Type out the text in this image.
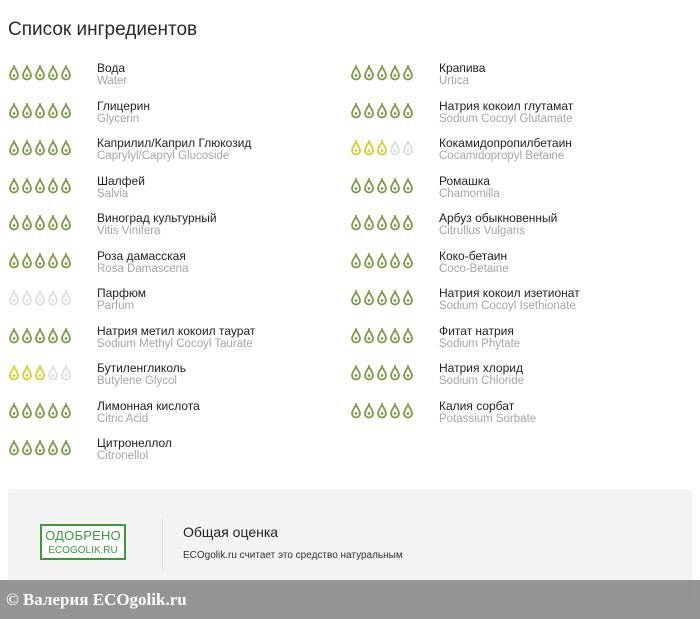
Список ингредиентов
Вода
Water
Глицерин
Glycerin
Каприлил/Каприл Глюкозид
Caprylyl/Capryl Glucoside
Шалфей
Salvia
Виноград культурный
Vitis Vinifera
Роза дамасская
Rosa Damascena
Парфюм
Parfum
Натрия метил кокоил таурат
Sodium Methyl Cocoyl Taurate
Бутиленгликоль
Butylene Glycol
Лимонная кислота
Citric Acid
Цитронеллол
Citronellol
Крапива
Urtica
Натрия кокоил глутамат
Sodium Cocoyl Glutamate
Кокамидопропилбетаин
Cocamidopropyl Betaine
Ромашка
Chamomilla
Арбуз обыкновенный
Citrullus Vulgaris
Коко-бетаин
Coco-Betaine
Натрия кокоил изетионат
Sodium Cocoyl Isethionate
Фитат натрия
Sodium Phytate
Натрия хлорид
Sodium Chloride
Калия сорбат
Potassium Sorbate
ОДОБРЕНО
ECOGOLIK.RU
Общая оценка
ECOgolik.ru считает это средство натуральным
© Валерия ECOgolik.ru
